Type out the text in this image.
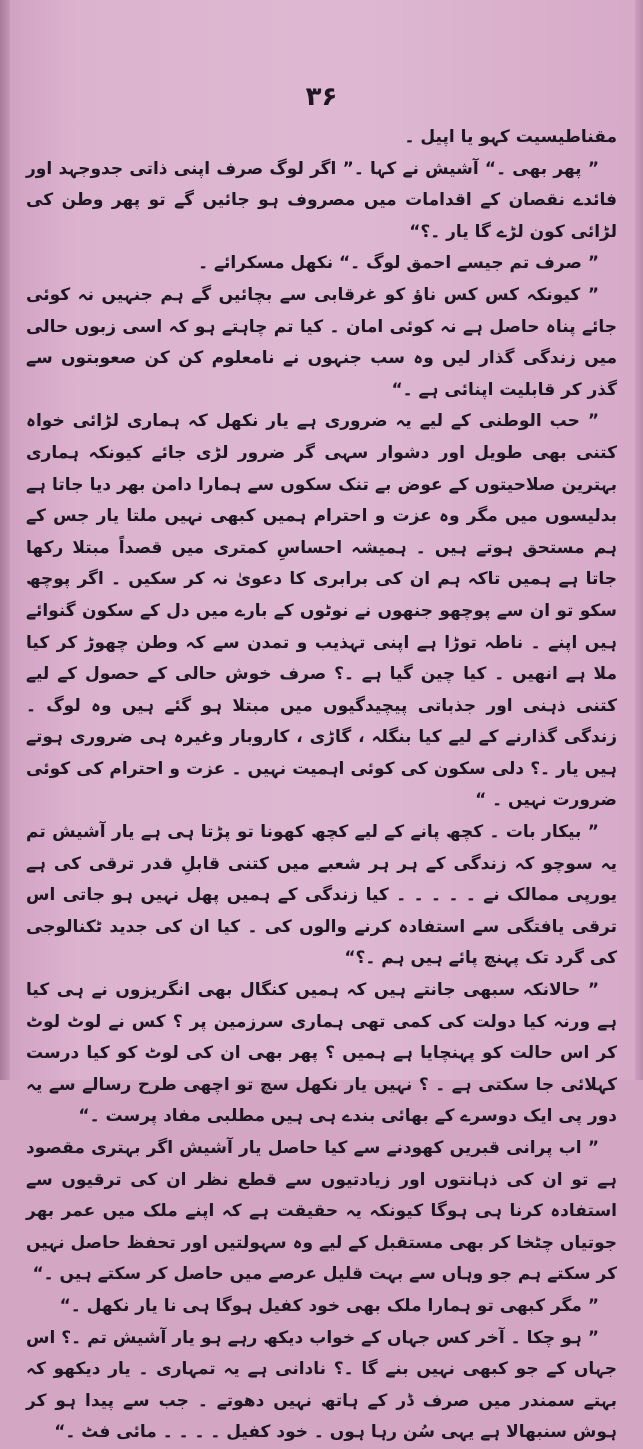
۳۶

مقناطیسیت کہو یا اپیل ۔

” پھر بھی ۔“ آشیش نے کہا ۔” اگر لوگ صرف اپنی ذاتی جدوجہد اور فائدے نقصان کے اقدامات میں مصروف ہو جائیں گے تو پھر وطن کی لڑائی کون لڑے گا یار ۔؟“

” صرف تم جیسے احمق لوگ ۔“ نکھل مسکرائے ۔

” کیونکہ کس کس ناؤ کو غرقابی سے بچائیں گے ہم جنہیں نہ کوئی جائے پناہ حاصل ہے نہ کوئی امان ۔ کیا تم چاہتے ہو کہ اسی زبوں حالی میں زندگی گذار لیں وہ سب جنہوں نے نامعلوم کن کن صعوبتوں سے گذر کر قابلیت اپنائی ہے ۔“

” حب الوطنی کے لیے یہ ضروری ہے یار نکھل کہ ہماری لڑائی خواہ کتنی بھی طویل اور دشوار سہی گر ضرور لڑی جائے کیونکہ ہماری بہترین صلاحیتوں کے عوض بے تنک سکوں سے ہمارا دامن بھر دیا جاتا ہے بدلیسوں میں مگر وہ عزت و احترام ہمیں کبھی نہیں ملتا یار جس کے ہم مستحق ہوتے ہیں ۔ ہمیشہ احساسِ کمتری میں قصداً مبتلا رکھا جاتا ہے ہمیں تاکہ ہم ان کی برابری کا دعویٰ نہ کر سکیں ۔ اگر پوچھ سکو تو ان سے پوچھو جنھوں نے نوٹوں کے بارے میں دل کے سکون گنوائے ہیں اپنے ۔ ناطہ توڑا ہے اپنی تہذیب و تمدن سے کہ وطن چھوڑ کر کیا ملا ہے انھیں ۔ کیا چین گیا ہے ۔؟ صرف خوش حالی کے حصول کے لیے کتنی ذہنی اور جذباتی پیچیدگیوں میں مبتلا ہو گئے ہیں وہ لوگ ۔ زندگی گذارنے کے لیے کیا بنگلہ ، گاڑی ، کاروبار وغیرہ ہی ضروری ہوتے ہیں یار ۔؟ دلی سکون کی کوئی اہمیت نہیں ۔ عزت و احترام کی کوئی ضرورت نہیں ۔ “

” بیکار بات ۔ کچھ پانے کے لیے کچھ کھونا تو پڑتا ہی ہے یار آشیش تم یہ سوچو کہ زندگی کے ہر ہر شعبے میں کتنی قابلِ قدر ترقی کی ہے یورپی ممالک نے ۔ ۔ ۔ ۔ ۔ کیا زندگی کے ہمیں پھل نہیں ہو جاتی اس ترقی یافتگی سے استفادہ کرنے والوں کی ۔ کیا ان کی جدید ٹکنالوجی کی گرد تک پہنچ پائے ہیں ہم ۔؟“

” حالانکہ سبھی جانتے ہیں کہ ہمیں کنگال بھی انگریزوں نے ہی کیا ہے ورنہ کیا دولت کی کمی تھی ہماری سرزمین پر ؟ کس نے لوٹ لوٹ کر اس حالت کو پہنچایا ہے ہمیں ؟ پھر بھی ان کی لوٹ کو کیا درست کہلائی جا سکتی ہے ۔ ؟ نہیں یار نکھل سچ تو اچھی طرح رسالے سے یہ دور پی ایک دوسرے کے بھائی بندے ہی ہیں مطلبی مفاد پرست ۔“

” اب پرانی قبریں کھودنے سے کیا حاصل یار آشیش اگر بہتری مقصود ہے تو ان کی ذہانتوں اور زیادتیوں سے قطع نظر ان کی ترقیوں سے استفادہ کرنا ہی ہوگا کیونکہ یہ حقیقت ہے کہ اپنے ملک میں عمر بھر جوتیاں چٹخا کر بھی مستقبل کے لیے وہ سہولتیں اور تحفظ حاصل نہیں کر سکتے ہم جو وہاں سے بہت قلیل عرصے میں حاصل کر سکتے ہیں ۔“

” مگر کبھی تو ہمارا ملک بھی خود کفیل ہوگا ہی نا یار نکھل ۔“

” ہو چکا ۔ آخر کس جہاں کے خواب دیکھ رہے ہو یار آشیش تم ۔؟ اس جہاں کے جو کبھی نہیں بنے گا ۔؟ نادانی ہے یہ تمہاری ۔ یار دیکھو کہ بہتے سمندر میں صرف ڈر کے ہاتھ نہیں دھوتے ۔ جب سے پیدا ہو کر ہوش سنبھالا ہے یہی سُن رہا ہوں ۔ خود کفیل ۔ ۔ ۔ ۔ مائی فٹ ۔“
